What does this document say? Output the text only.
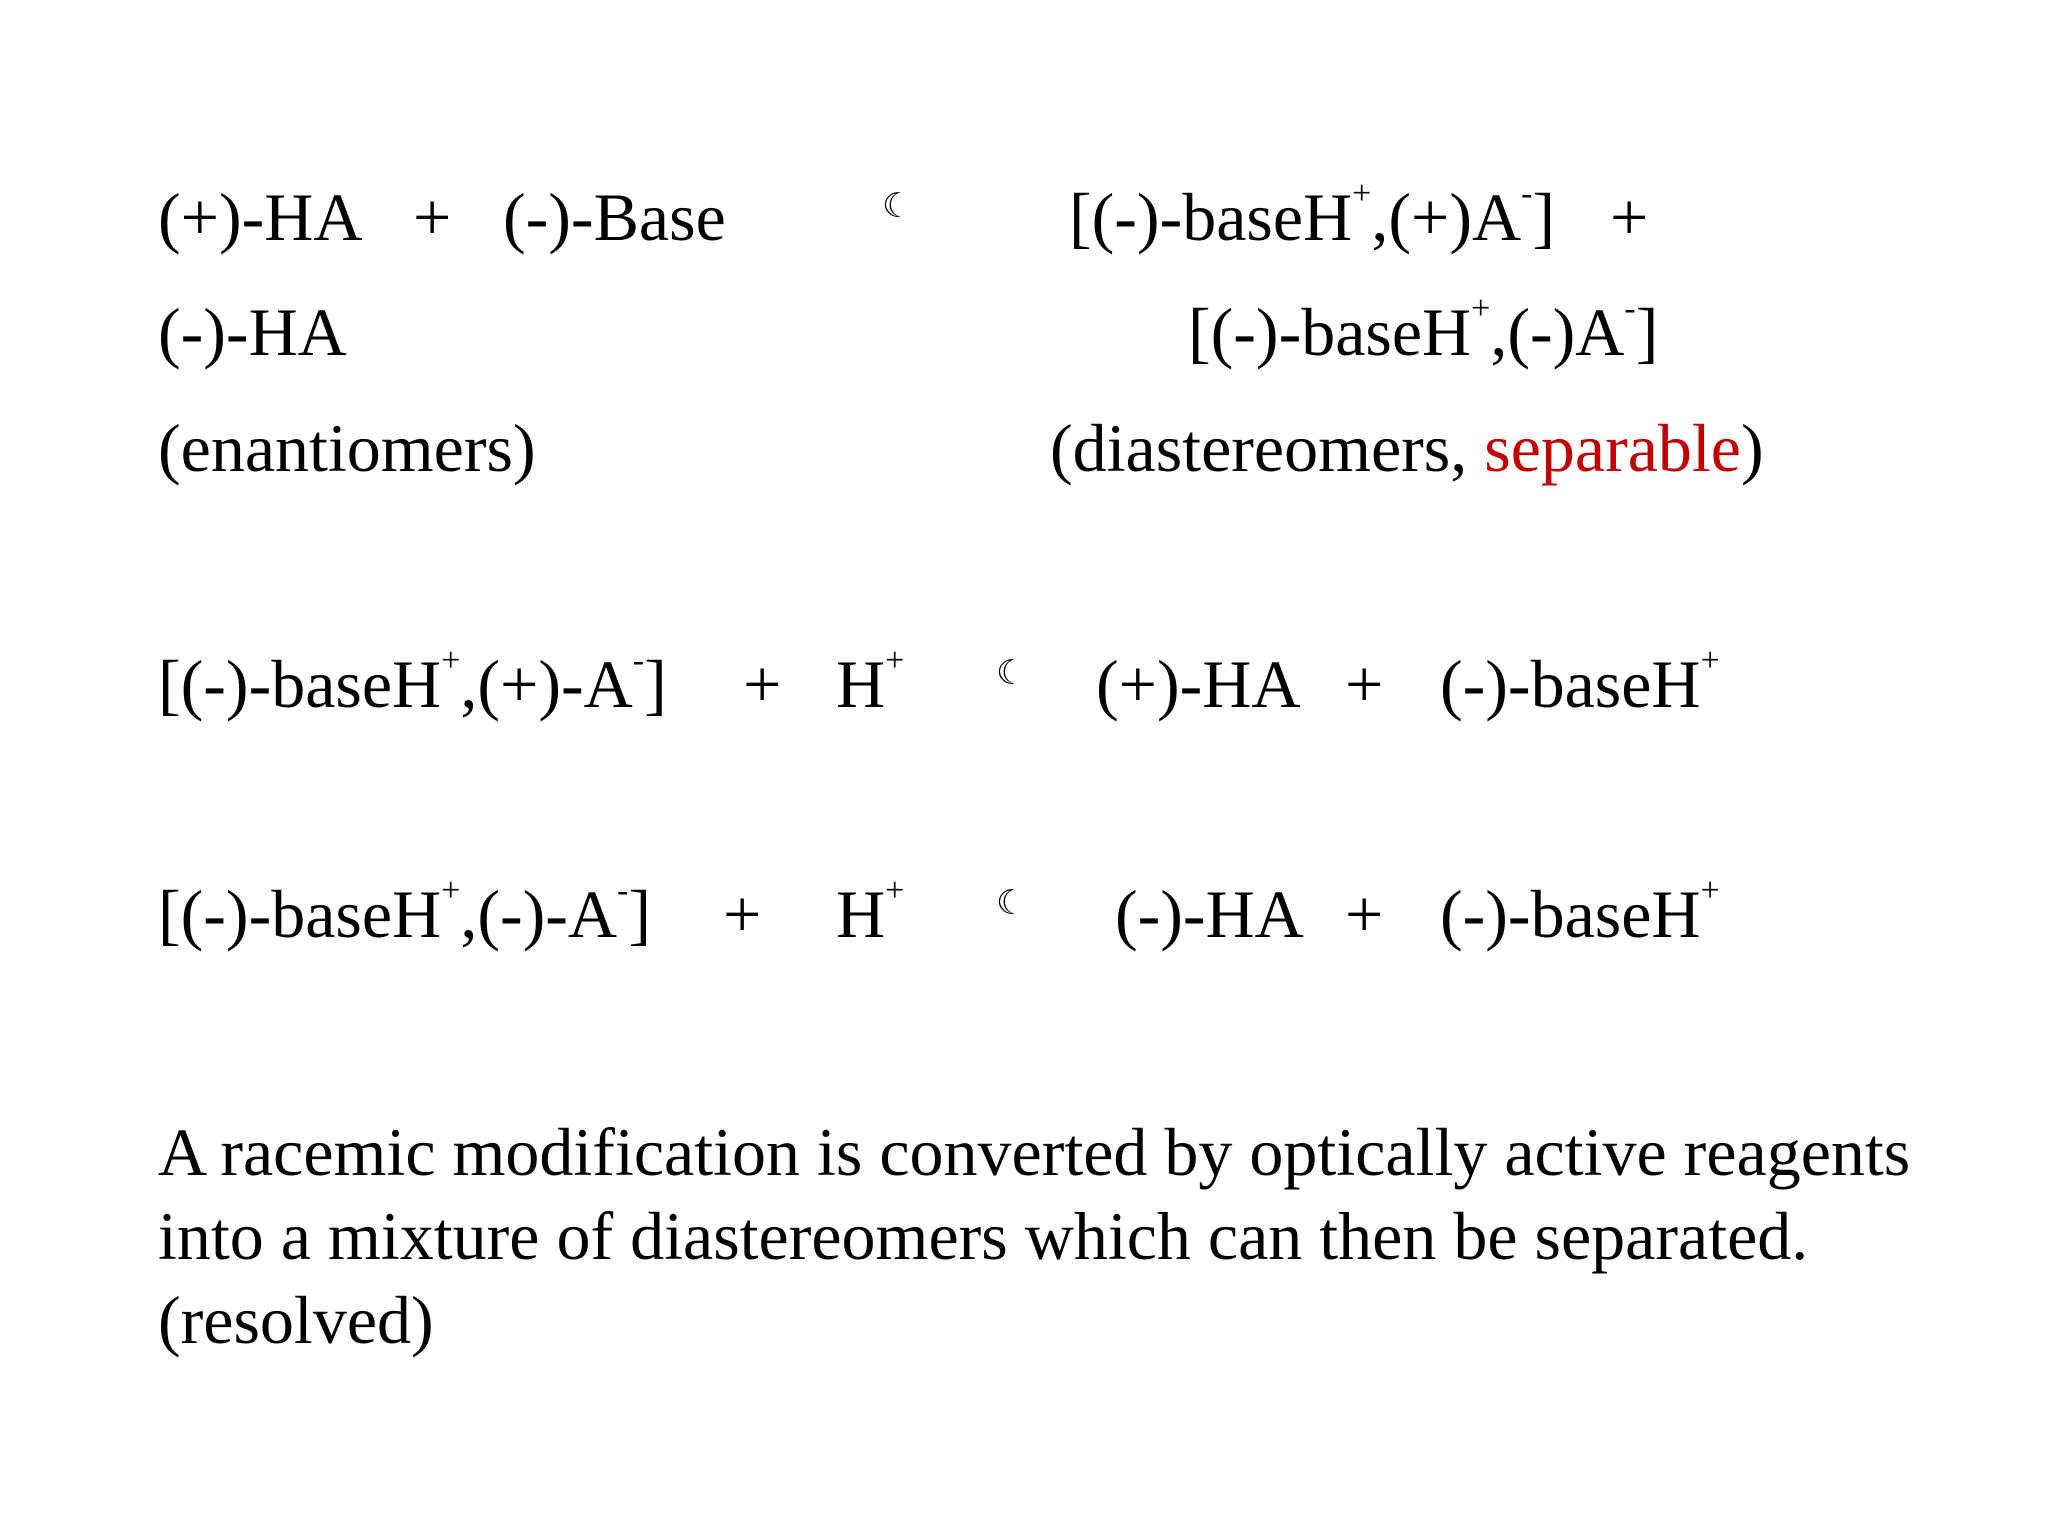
(+)-HA + (-)-Base	☾ [(-)-baseH+,(+)A-] +
(-)-HA	[(-)-baseH+,(-)A-]
(enantiomers)	(diastereomers, separable)
[(-)-baseH+,(+)-A-] + H+	☾ (+)-HA + (-)-baseH+
[(-)-baseH+,(-)-A-] + H+	☾ (-)-HA + (-)-baseH+
A racemic modification is converted by optically active reagents into a mixture of diastereomers which can then be separated. (resolved)
